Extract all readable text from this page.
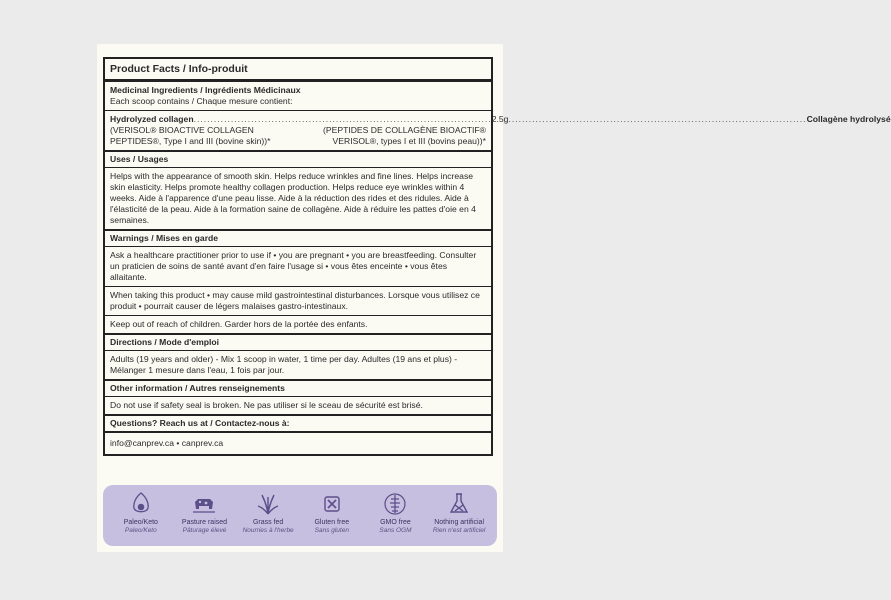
Product Facts / Info-produit
Medicinal Ingredients / Ingrédients Médicinaux
Each scoop contains / Chaque mesure contient:
Hydrolyzed collagen ........................................................................................ 2.5g ........................................................................................ Collagène hydrolysé
(VERISOL® BIOACTIVE COLLAGEN PEPTIDES®, Type I and III (bovine skin))*
(PEPTIDES DE COLLAGÈNE BIOACTIF® VERISOL®, types I et III (bovins peau))*
Uses / Usages
Helps with the appearance of smooth skin. Helps reduce wrinkles and fine lines. Helps increase skin elasticity. Helps promote healthy collagen production. Helps reduce eye wrinkles within 4 weeks. Aide à l'apparence d'une peau lisse. Aide à la réduction des rides et des ridules. Aide à l'élasticité de la peau. Aide à la formation saine de collagène. Aide à réduire les pattes d'oie en 4 semaines.
Warnings / Mises en garde
Ask a healthcare practitioner prior to use if • you are pregnant • you are breastfeeding. Consulter un praticien de soins de santé avant d'en faire l'usage si • vous êtes enceinte • vous êtes allaitante.
When taking this product • may cause mild gastrointestinal disturbances. Lorsque vous utilisez ce produit • pourrait causer de légers malaises gastro-intestinaux.
Keep out of reach of children. Garder hors de la portée des enfants.
Directions / Mode d'emploi
Adults (19 years and older) - Mix 1 scoop in water, 1 time per day. Adultes (19 ans et plus) - Mélanger 1 mesure dans l'eau, 1 fois par jour.
Other information / Autres renseignements
Do not use if safety seal is broken. Ne pas utiliser si le sceau de sécurité est brisé.
Questions? Reach us at / Contactez-nous à:
info@canprev.ca • canprev.ca
Paleo/Keto
Paleo/Keto
Pasture raised
Pâturage élevé
Grass fed
Nourries à l'herbe
Gluten free
Sans gluten
GMO free
Sans OGM
Nothing artificial
Rien n'est artificiel
